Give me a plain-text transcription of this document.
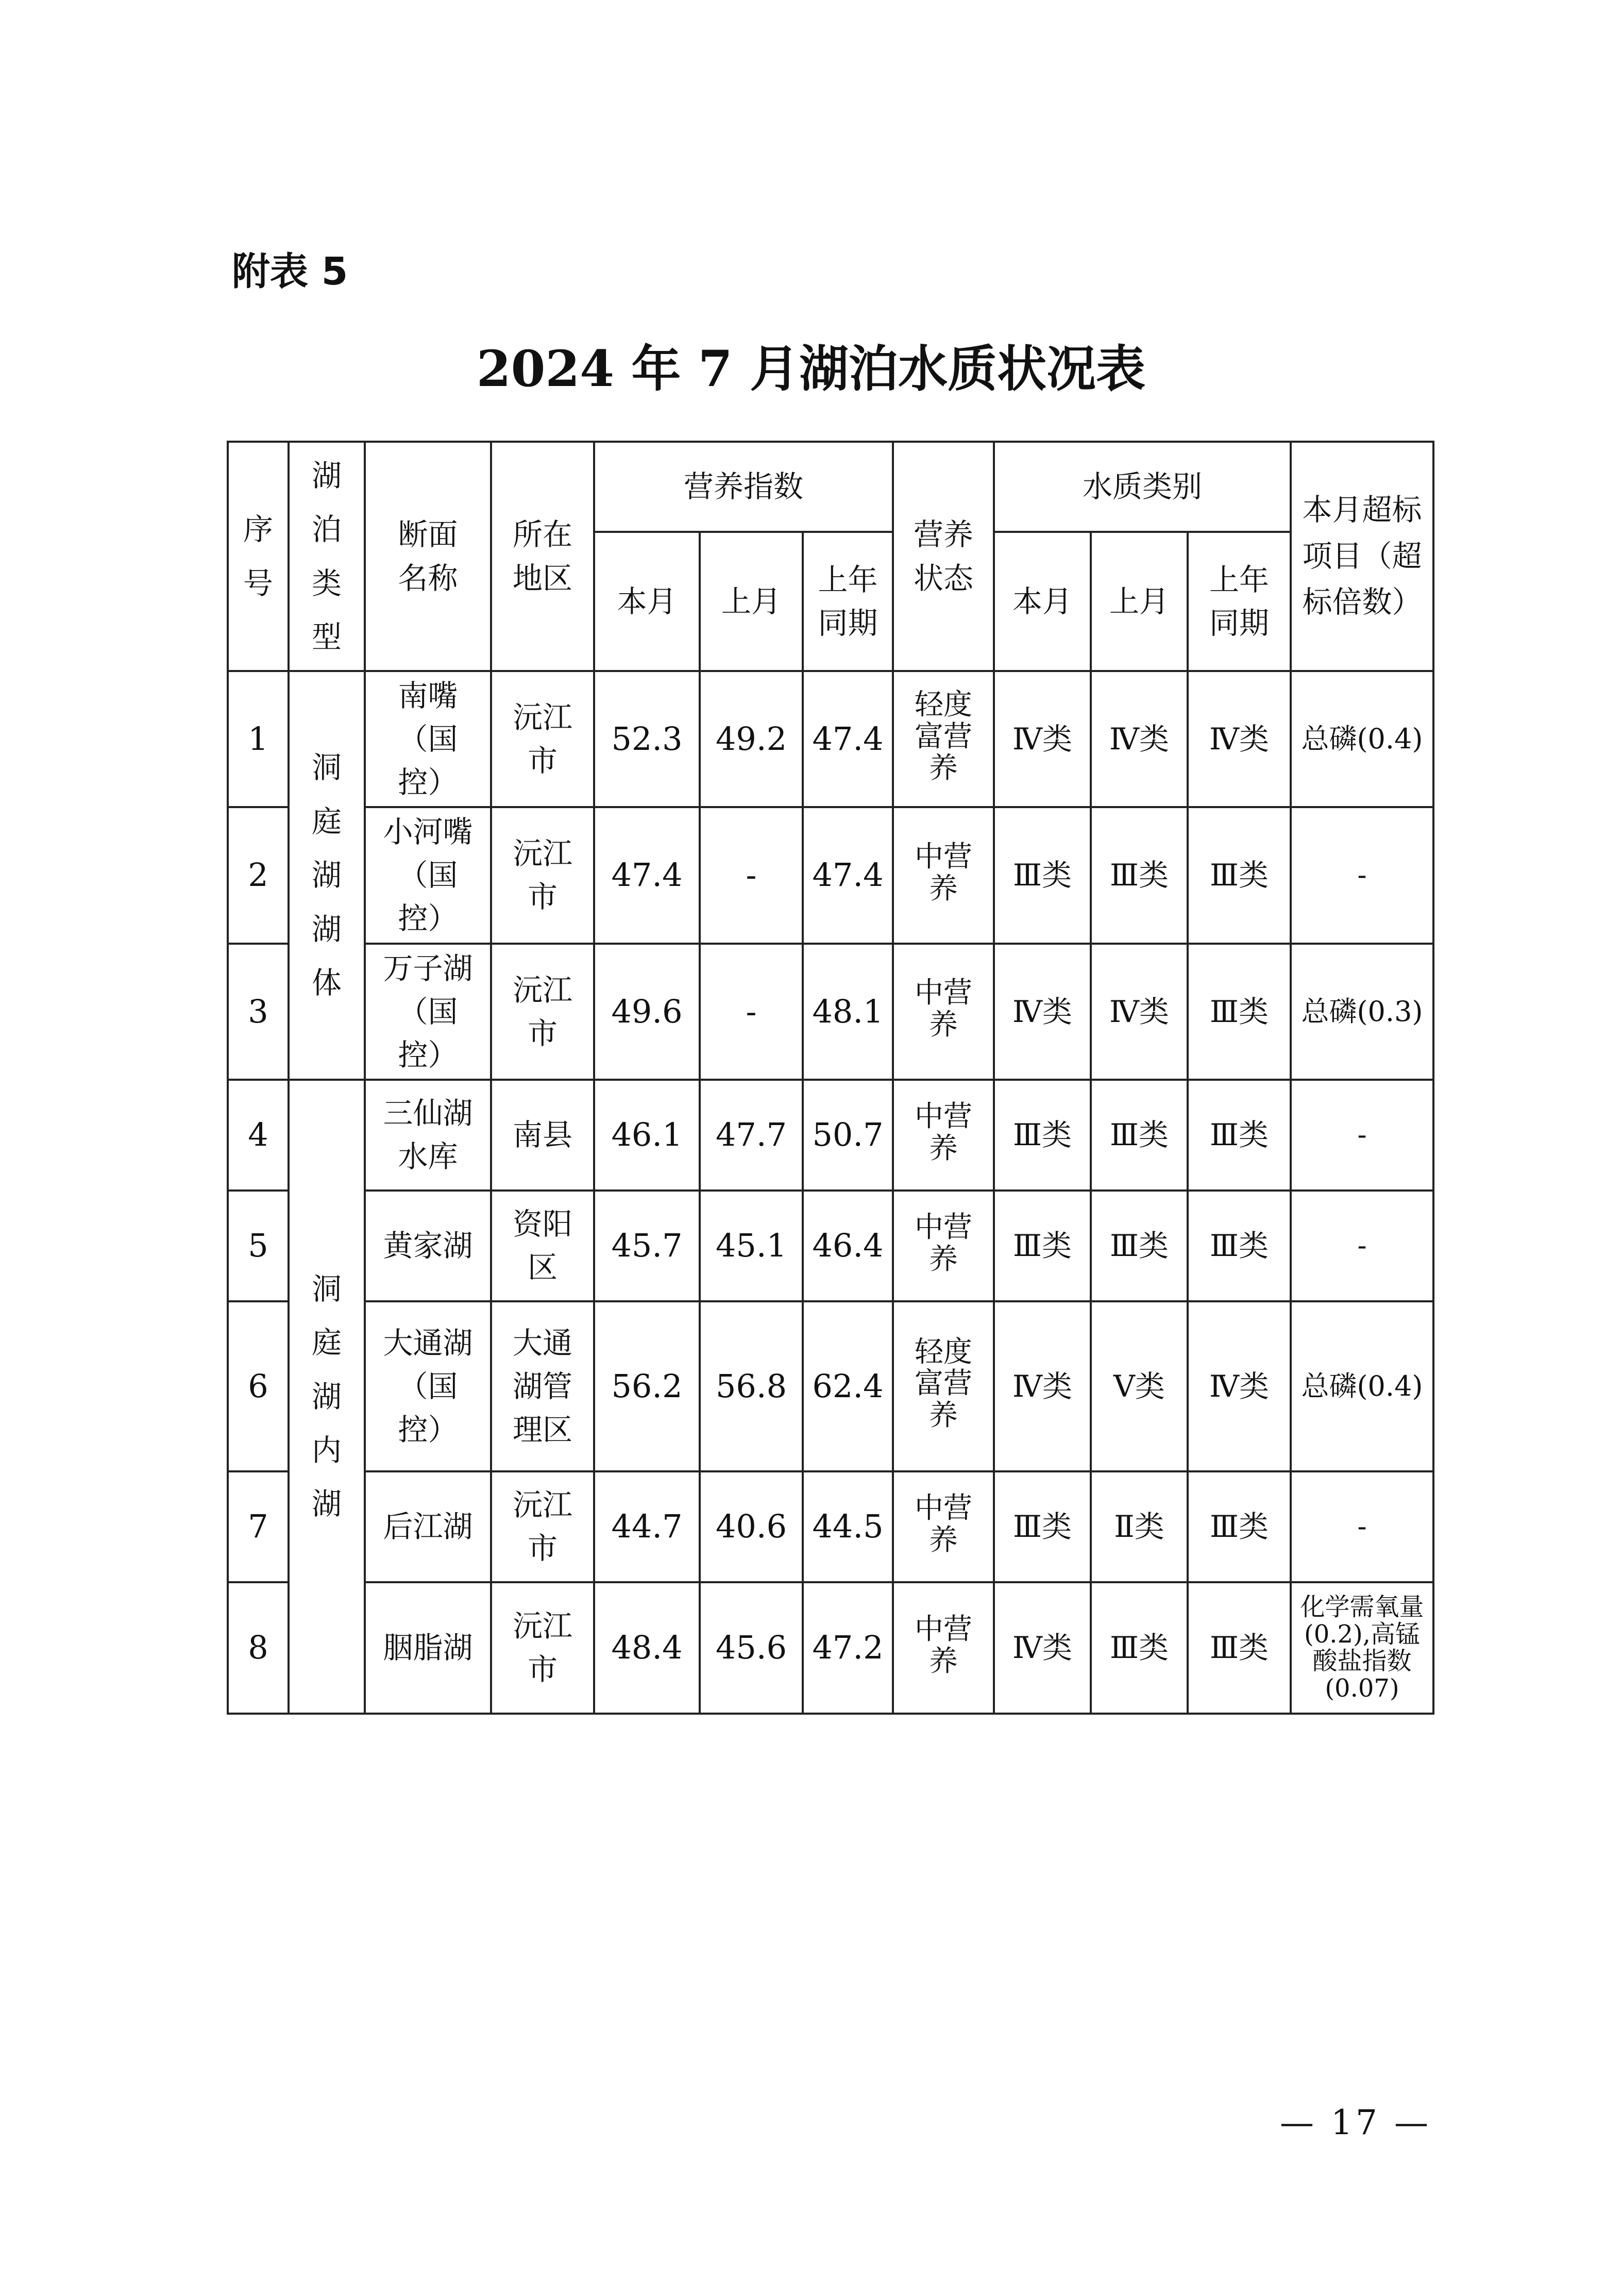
附表 5
2024 年 7 月湖泊水质状况表
序号	湖泊类型	断面名称	所在地区	营养指数			营养状态	水质类别			本月超标项目（超标倍数）
				本月	上月	上年同期		本月	上月	上年同期	
1	洞庭湖湖体	南嘴（国控）	沅江市	52.3	49.2	47.4	轻度富营养	Ⅳ类	Ⅳ类	Ⅳ类	总磷(0.4)
2		小河嘴（国控）	沅江市	47.4	-	47.4	中营养	Ⅲ类	Ⅲ类	Ⅲ类	-
3		万子湖（国控）	沅江市	49.6	-	48.1	中营养	Ⅳ类	Ⅳ类	Ⅲ类	总磷(0.3)
4	洞庭湖内湖	三仙湖水库	南县	46.1	47.7	50.7	中营养	Ⅲ类	Ⅲ类	Ⅲ类	-
5		黄家湖	资阳区	45.7	45.1	46.4	中营养	Ⅲ类	Ⅲ类	Ⅲ类	-
6		大通湖（国控）	大通湖管理区	56.2	56.8	62.4	轻度富营养	Ⅳ类	Ⅴ类	Ⅳ类	总磷(0.4)
7		后江湖	沅江市	44.7	40.6	44.5	中营养	Ⅲ类	Ⅱ类	Ⅲ类	-
8		胭脂湖	沅江市	48.4	45.6	47.2	中营养	Ⅳ类	Ⅲ类	Ⅲ类	化学需氧量(0.2),高锰酸盐指数(0.07)
— 17 —
